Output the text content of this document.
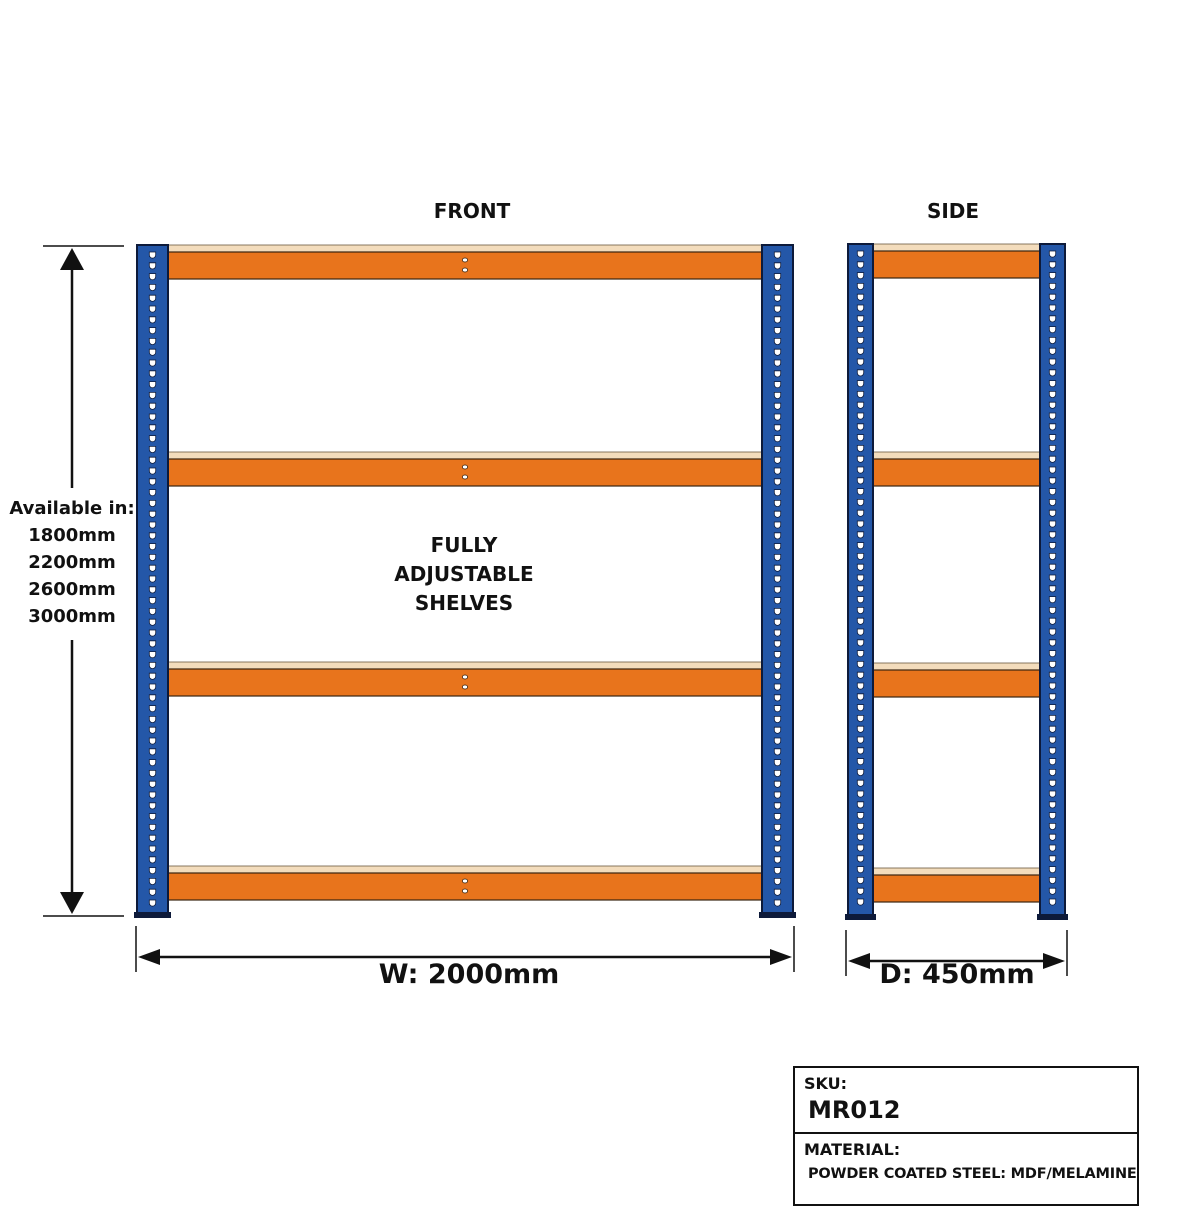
FRONT	SIDE
Available in:
1800mm
2200mm
2600mm
3000mm
FULLY
ADJUSTABLE
SHELVES
W: 2000mm	D: 450mm
SKU:
MR012
MATERIAL:
POWDER COATED STEEL: MDF/MELAMINE
